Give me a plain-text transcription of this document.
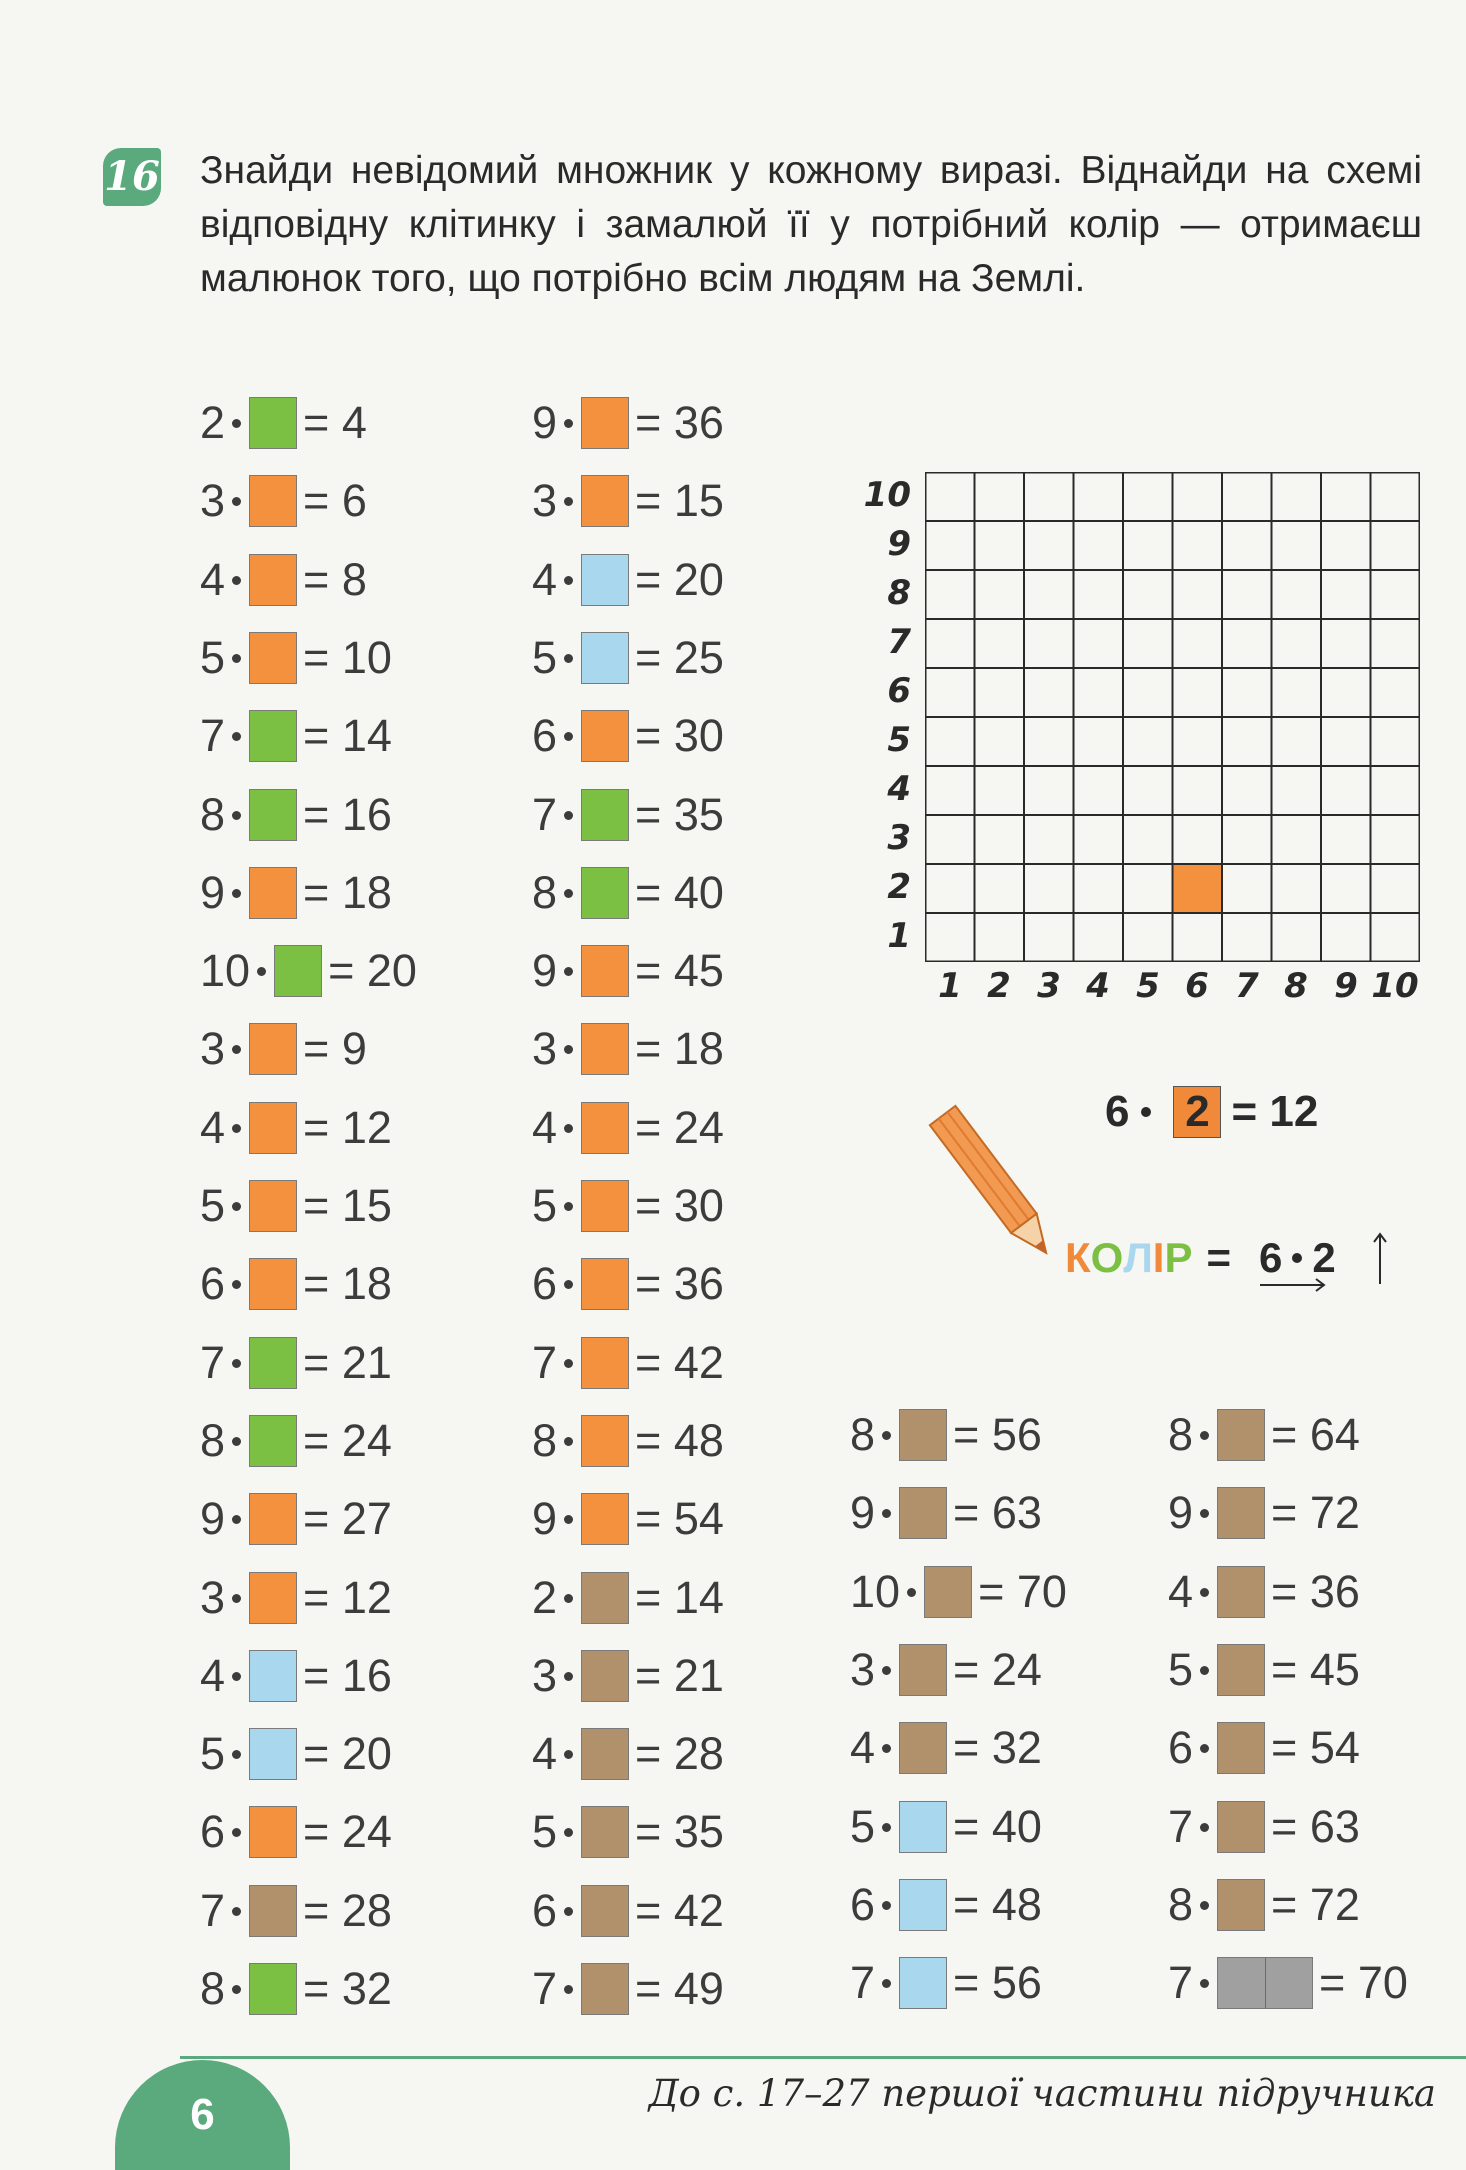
16 Знайди невідомий множник у кожному виразі. Віднайди на схемі відповідну клітинку і замалюй її у потрібний колір — отримаєш малюнок того, що потрібно всім людям на Землі.
2 = 4
3 = 6
4 = 8
5 = 10
7 = 14
8 = 16
9 = 18
10 = 20
3 = 9
4 = 12
5 = 15
6 = 18
7 = 21
8 = 24
9 = 27
3 = 12
4 = 16
5 = 20
6 = 24
7 = 28
8 = 32
9 = 36
3 = 15
4 = 20
5 = 25
6 = 30
7 = 35
8 = 40
9 = 45
3 = 18
4 = 24
5 = 30
6 = 36
7 = 42
8 = 48
9 = 54
2 = 14
3 = 21
4 = 28
5 = 35
6 = 42
7 = 49
8 = 56
9 = 63
10 = 70
3 = 24
4 = 32
5 = 40
6 = 48
7 = 56
8 = 64
9 = 72
4 = 36
5 = 45
6 = 54
7 = 63
8 = 72
7	= 70
10
9
8
7
6
5
4
3
2
1
1 2 3 4 5 6 7 8 9 10
6 2 = 12
КОЛІР = 6 2
6	До с. 17–27 першої частини підручника
